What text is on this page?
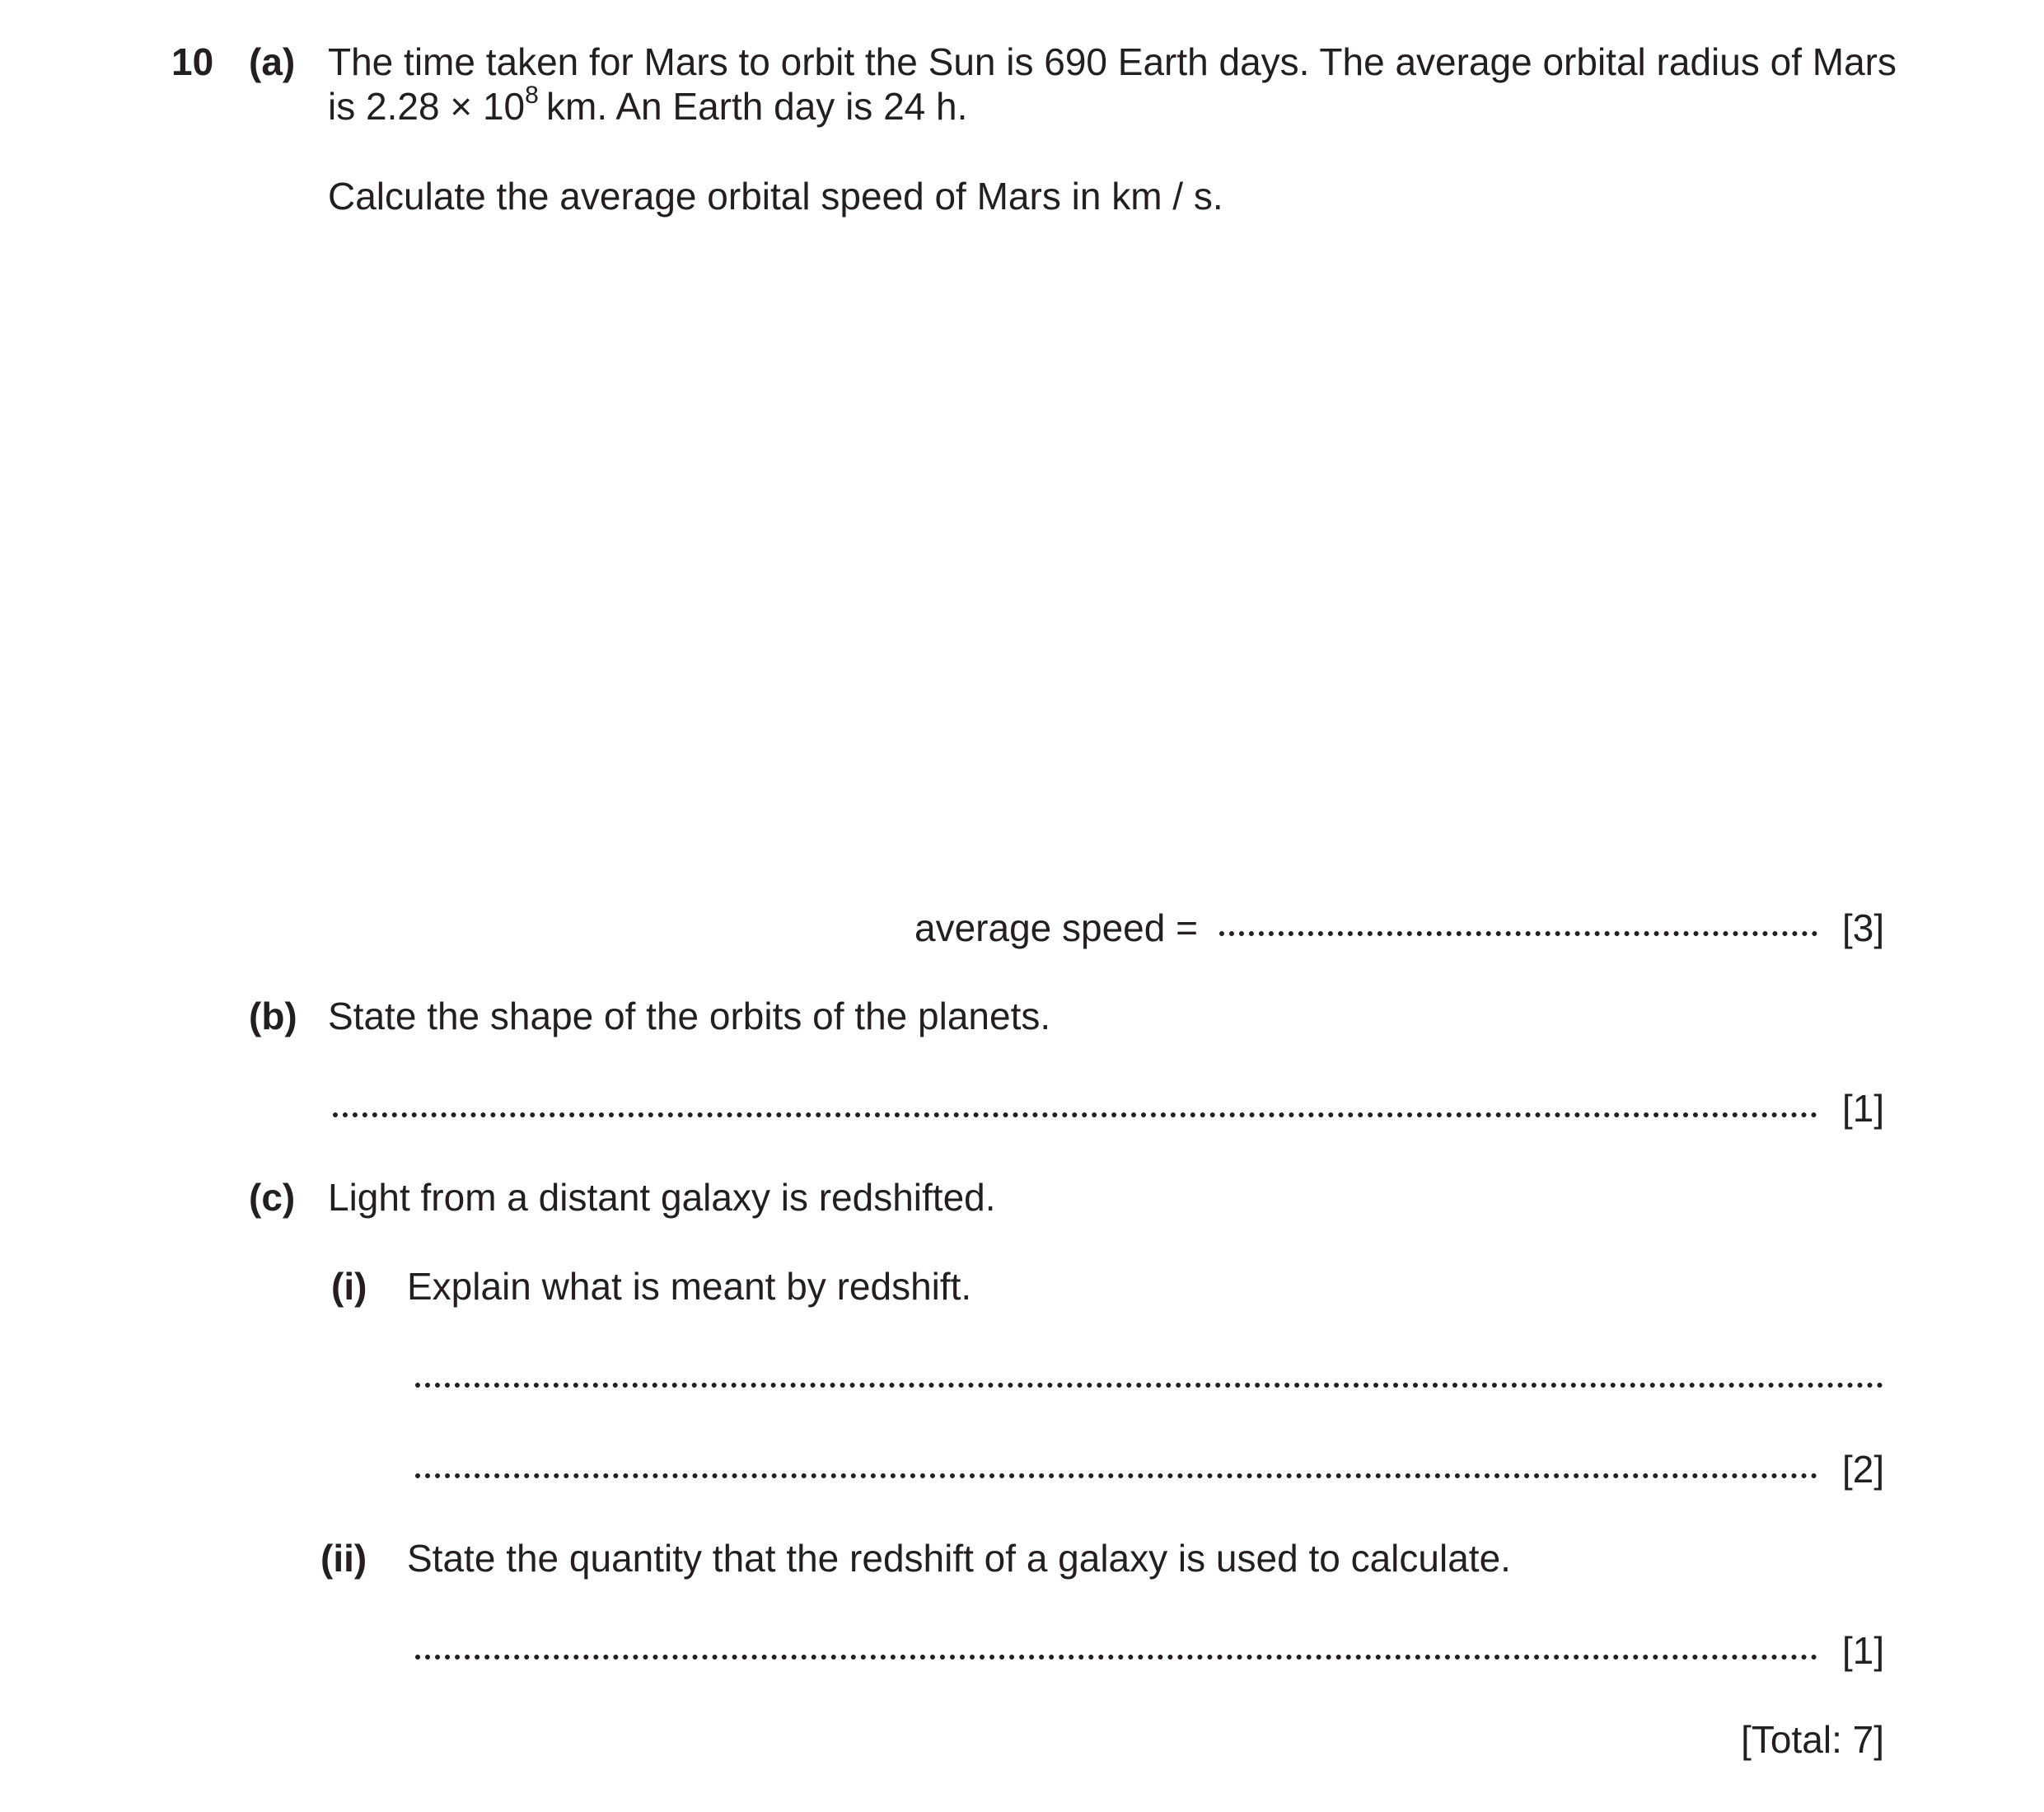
10 (a) The time taken for Mars to orbit the Sun is 690 Earth days. The average orbital radius of Mars
is $2.28 \times 10^8$  km. An Earth day is 24 h.
Calculate the average orbital speed of Mars in km / s.
average speed =	[3]
(b) State the shape of the orbits of the planets.
[1]
(c) Light from a distant galaxy is redshifted.
(i) Explain what is meant by redshift.
[2]
(ii) State the quantity that the redshift of a galaxy is used to calculate.
[1]
[Total: 7]
